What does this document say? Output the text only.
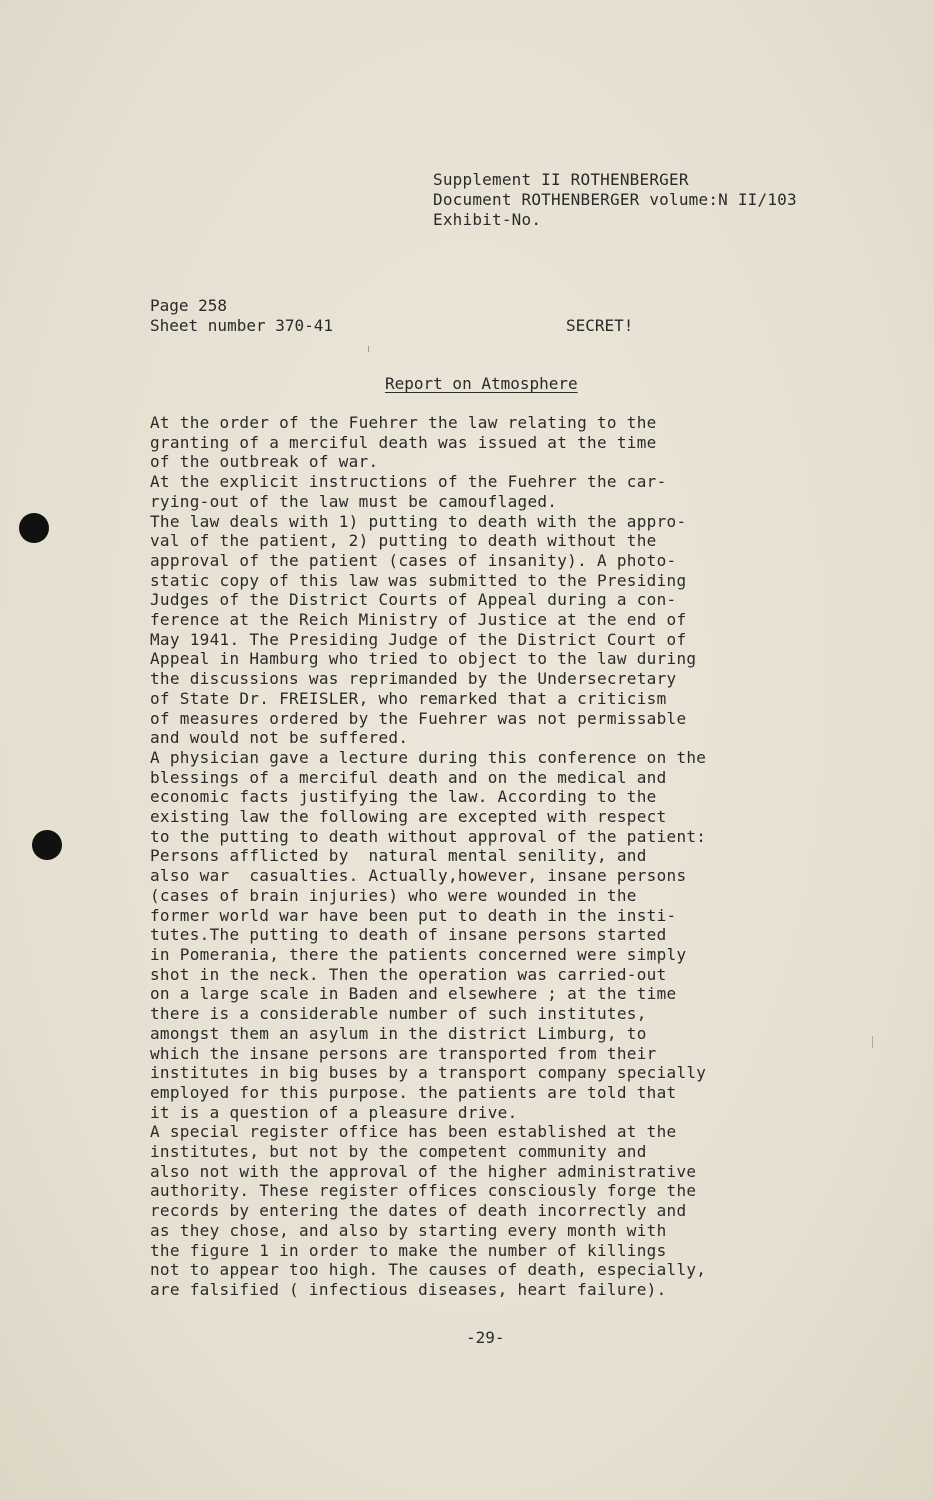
Supplement II ROTHENBERGER
Document ROTHENBERGER volume:N II/103
Exhibit-No.
Page 258
Sheet number 370-41	SECRET!
Report on Atmosphere
At the order of the Fuehrer the law relating to the
granting of a merciful death was issued at the time
of the outbreak of war.
At the explicit instructions of the Fuehrer the car-
rying-out of the law must be camouflaged.
The law deals with 1) putting to death with the appro-
val of the patient, 2) putting to death without the
approval of the patient (cases of insanity). A photo-
static copy of this law was submitted to the Presiding
Judges of the District Courts of Appeal during a con-
ference at the Reich Ministry of Justice at the end of
May 1941. The Presiding Judge of the District Court of
Appeal in Hamburg who tried to object to the law during
the discussions was reprimanded by the Undersecretary
of State Dr. FREISLER, who remarked that a criticism
of measures ordered by the Fuehrer was not permissable
and would not be suffered.
A physician gave a lecture during this conference on the
blessings of a merciful death and on the medical and
economic facts justifying the law. According to the
existing law the following are excepted with respect
to the putting to death without approval of the patient:
Persons afflicted by  natural mental senility, and
also war  casualties. Actually,however, insane persons
(cases of brain injuries) who were wounded in the
former world war have been put to death in the insti-
tutes.The putting to death of insane persons started
in Pomerania, there the patients concerned were simply
shot in the neck. Then the operation was carried-out
on a large scale in Baden and elsewhere ; at the time
there is a considerable number of such institutes,
amongst them an asylum in the district Limburg, to
which the insane persons are transported from their
institutes in big buses by a transport company specially
employed for this purpose. the patients are told that
it is a question of a pleasure drive.
A special register office has been established at the
institutes, but not by the competent community and
also not with the approval of the higher administrative
authority. These register offices consciously forge the
records by entering the dates of death incorrectly and
as they chose, and also by starting every month with
the figure 1 in order to make the number of killings
not to appear too high. The causes of death, especially,
are falsified ( infectious diseases, heart failure).
-29-
